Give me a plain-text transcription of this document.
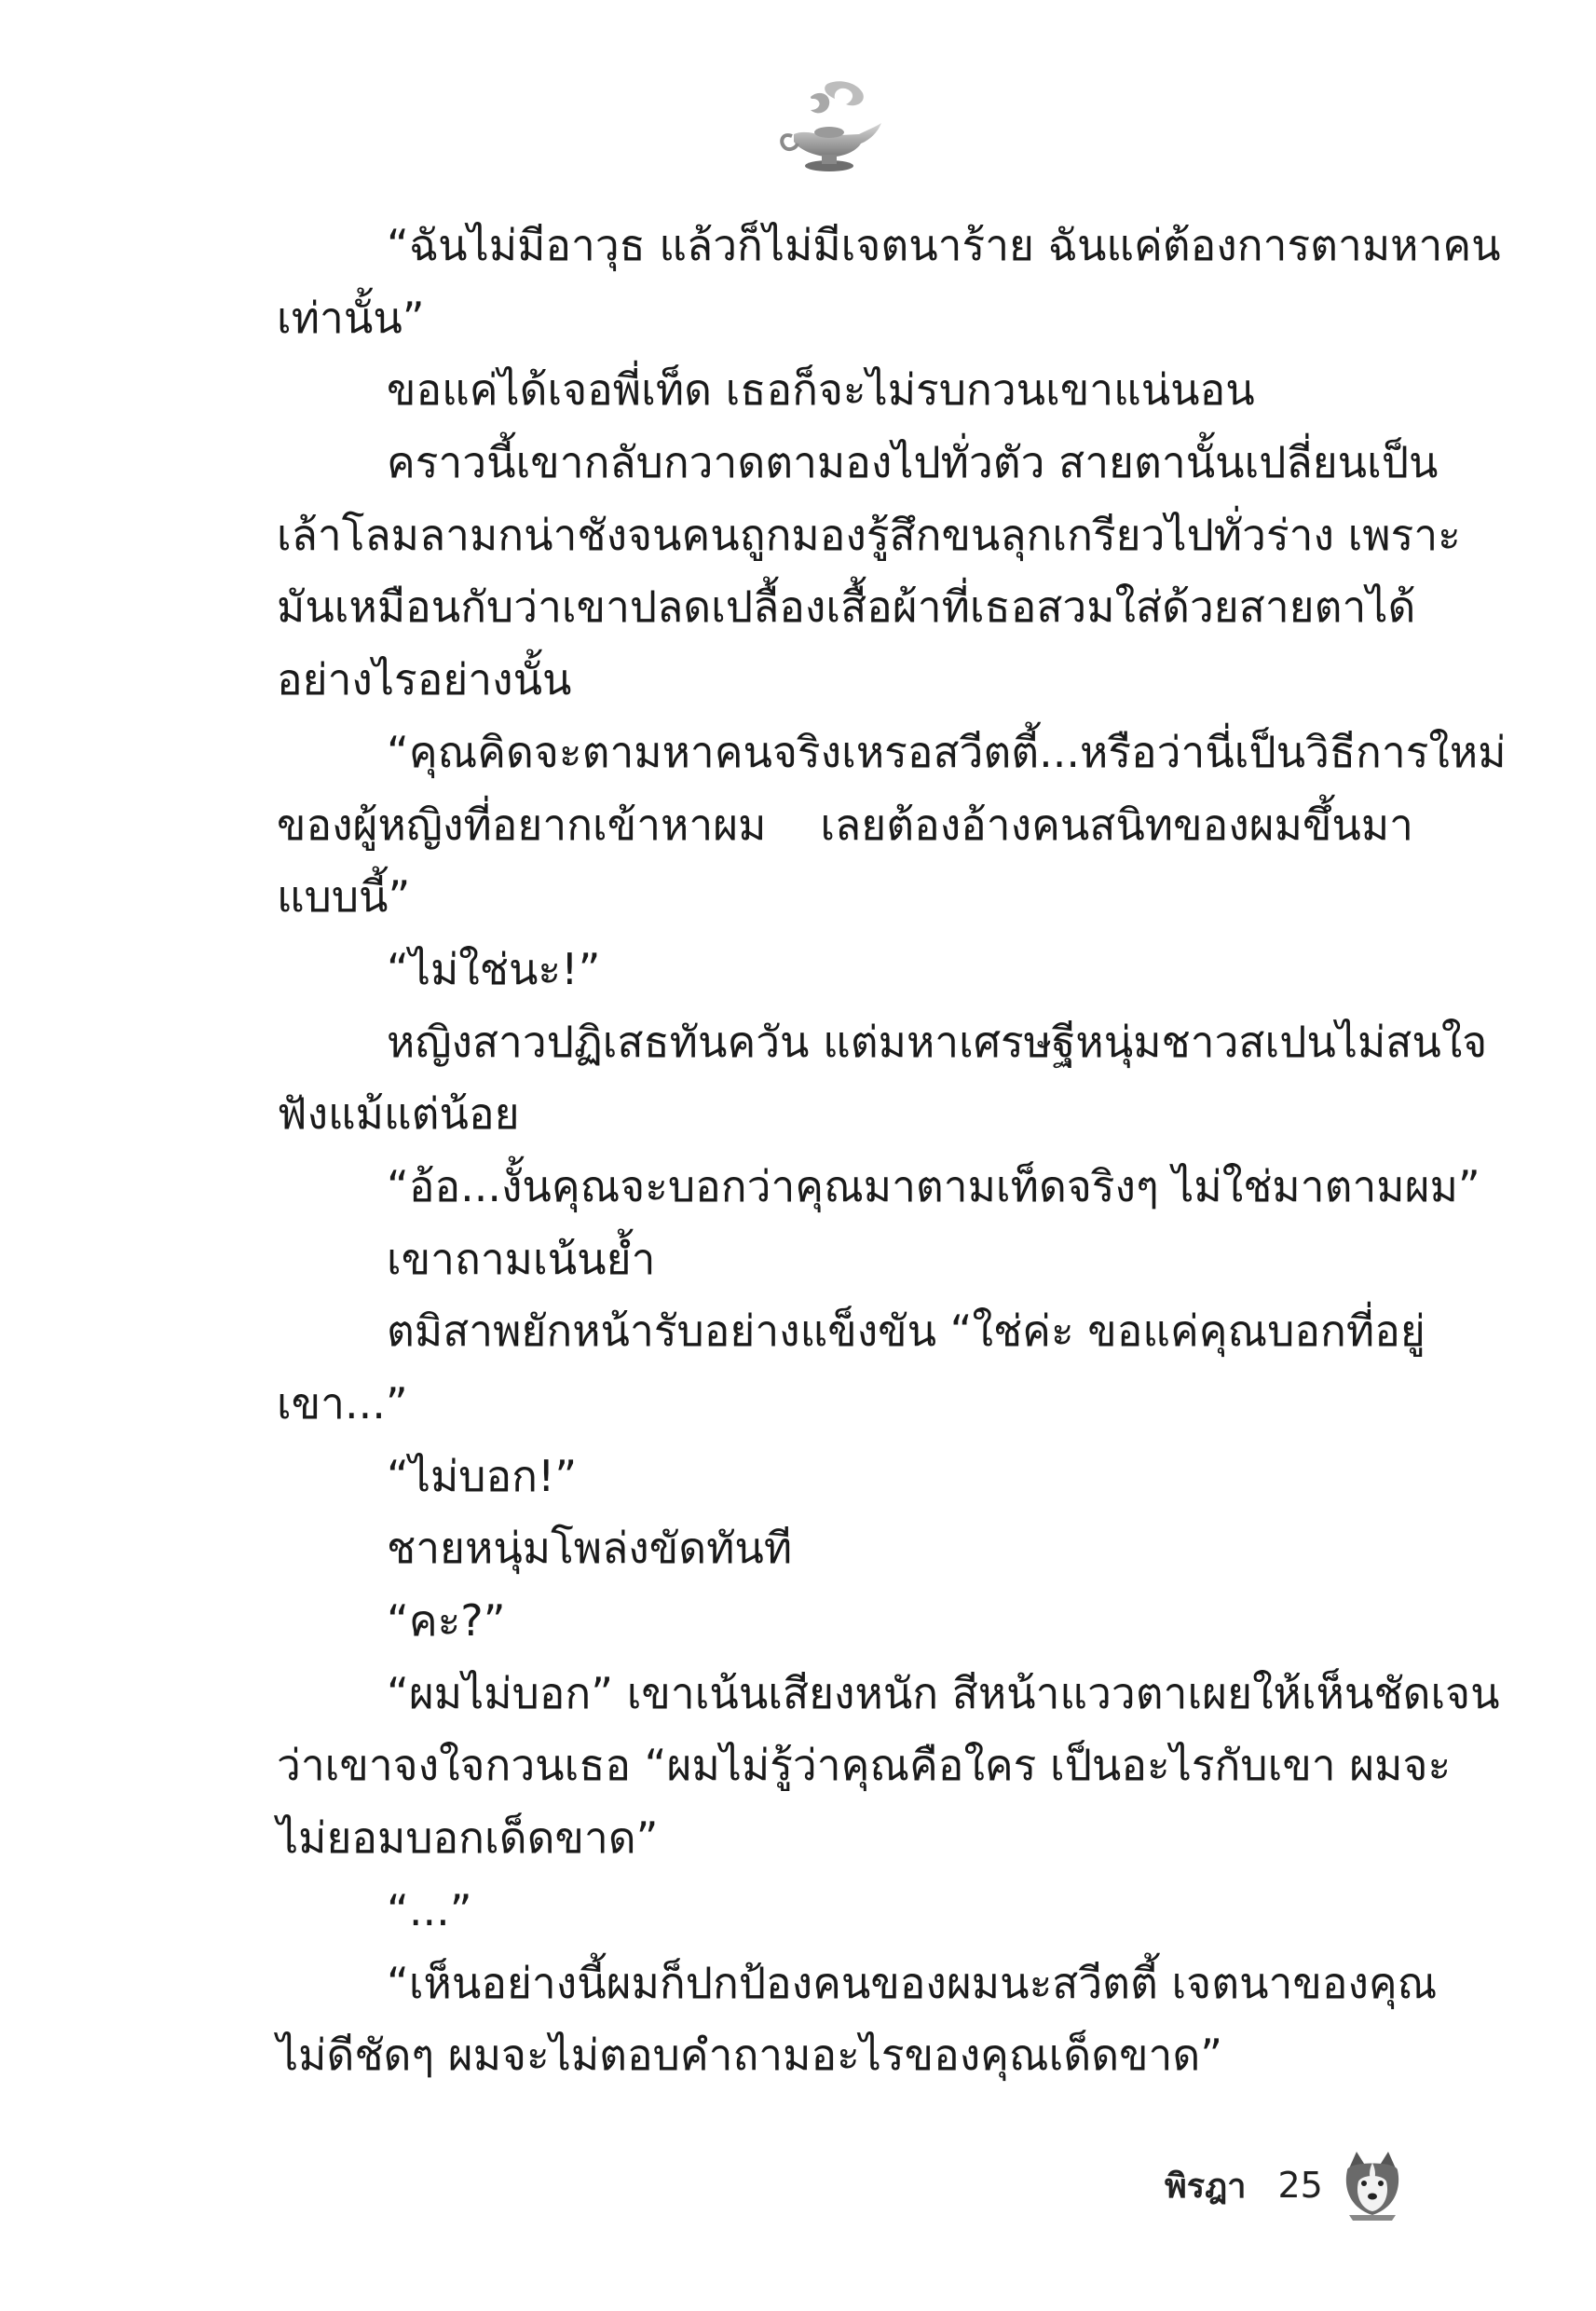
“ฉันไม่มีอาวุธ แล้วก็ไม่มีเจตนาร้าย ฉันแค่ต้องการตามหาคน
เท่านั้น”
ขอแค่ได้เจอพี่เท็ด เธอก็จะไม่รบกวนเขาแน่นอน
คราวนี้เขากลับกวาดตามองไปทั่วตัว สายตานั้นเปลี่ยนเป็น
เล้าโลมลามกน่าชังจนคนถูกมองรู้สึกขนลุกเกรียวไปทั่วร่าง เพราะ
มันเหมือนกับว่าเขาปลดเปลื้องเสื้อผ้าที่เธอสวมใส่ด้วยสายตาได้
อย่างไรอย่างนั้น
“คุณคิดจะตามหาคนจริงเหรอสวีตตี้...หรือว่านี่เป็นวิธีการใหม่
ของผู้หญิงที่อยากเข้าหาผม เลยต้องอ้างคนสนิทของผมขึ้นมา
แบบนี้”
“ไม่ใช่นะ!”
หญิงสาวปฏิเสธทันควัน แต่มหาเศรษฐีหนุ่มชาวสเปนไม่สนใจ
ฟังแม้แต่น้อย
“อ้อ...งั้นคุณจะบอกว่าคุณมาตามเท็ดจริงๆ ไม่ใช่มาตามผม”
เขาถามเน้นย้ำ
ตมิสาพยักหน้ารับอย่างแข็งขัน “ใช่ค่ะ ขอแค่คุณบอกที่อยู่
เขา...”
“ไม่บอก!”
ชายหนุ่มโพล่งขัดทันที
“คะ?”
“ผมไม่บอก” เขาเน้นเสียงหนัก สีหน้าแววตาเผยให้เห็นชัดเจน
ว่าเขาจงใจกวนเธอ “ผมไม่รู้ว่าคุณคือใคร เป็นอะไรกับเขา ผมจะ
ไม่ยอมบอกเด็ดขาด”
“...”
“เห็นอย่างนี้ผมก็ปกป้องคนของผมนะสวีตตี้ เจตนาของคุณ
ไม่ดีชัดๆ ผมจะไม่ตอบคำถามอะไรของคุณเด็ดขาด”
พิรฎา 25
